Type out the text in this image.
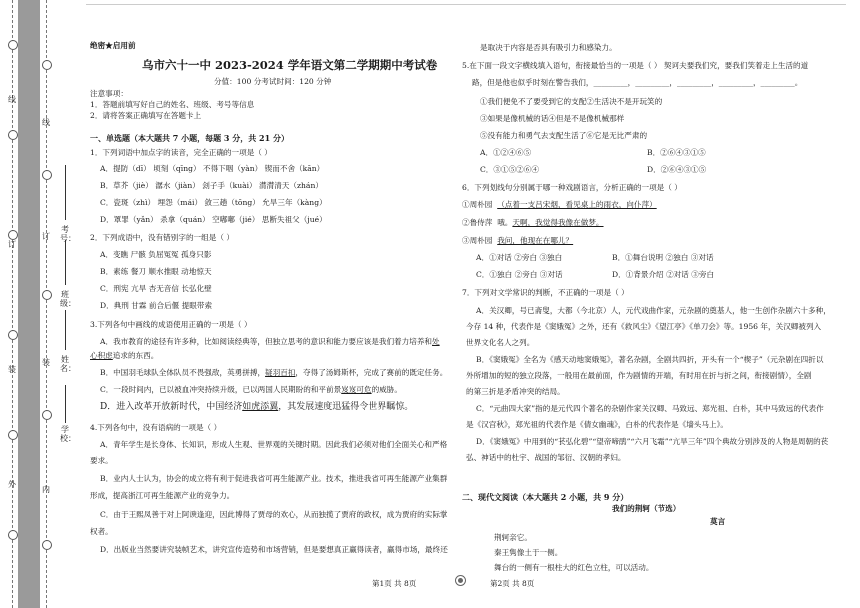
线
订
装
外
线
订
装
内
考号：
班级：
姓名：
学校：
绝密★启用前
乌市六十一中 2023-2024 学年语文第二学期期中考试卷
分值：100 分考试时间：120 分钟
注意事项：
1．答题前填写好自己的姓名、班级、考号等信息
2．请将答案正确填写在答题卡上
一、单选题（本大题共 7 小题，每题 3 分，共 21 分）
1．下列词语中加点字的读音，完全正确的一项是（ ）
A．提防（dī） 顷刻（qīng） 不得下咽（yàn） 锲而不舍（kān）
B．草芥（jiè） 潺水（jiàn） 刽子手（kuài） 潸潸清天（zhán）
C．瓷斑（zhì） 埋怨（mái） 敛三趟（tōng） 允旱三年（kàng）
D．罩罪（yǎn） 杀拿（quán） 空嘟嘟（jié） 思断失祖父（jué）
2．下列成语中，没有错别字的一组是（ ）
A．变瞧 尸骸 负屈冤冤 孤身只影
B．素练 餐刀 顺水推眼 动地惊天
C．刑宪 亢旱 杏无音信 长弘化壁
D．典刑 甘霖 前合后偃 提眼带索
3.下列各句中画线的成语使用正确的一项是（ ）
A．我市教育的途径有许多种，比如阅读经典等，但独立思考的意识和能力要应该是我们着力培养和处
心积虑追求的东西。
B．中国羽毛球队全体队员不畏强敌，英勇拼搏，疑羽百扣，夺得了汤姆斯杯，完成了赛前的既定任务。
C．一段时间内，已以被血冲突持续升级，已以两国人民期盼的和平前景岌岌可危的威胁。
D．进入改革开放新时代，中国经济如虎添翼，其发展速度迅猛得令世界瞩惊。
4.下列各句中，没有语病的一项是（ ）
A．青年学生是长身体、长知识，形成人生观、世界观的关键时期。因此我们必须对他们全面关心和严格
要求。
B．业内人士认为，协会的成立将有利于促进我省可再生能源产业。技术，推进我省可再生能源产业集群
形成，提高浙江可再生能源产业的竞争力。
C．由于王熙凤善于对上阿谀逢迎，因此博得了贾母的欢心，从而独揽了贾府的政权，成为贾府的实际掌
权者。
D．出版业当然要讲究装帧艺术，讲究宣传造势和市场营销，但是要想真正赢得读者，赢得市场，最终还
第1页 共 8页
是取决于内容是否具有吸引力和感染力。
5.在下面一段文字横线填入语句，衔接最恰当的一项是（ ） 契诃夫要我们究，要我们笑着走上生活的道
路，但是他也似乎时刻在警告我们，_________，_________，_________，_________，_________。
①我们便免不了要受到它的支配②生活决不是开玩笑的
③如果是像机械的话④但是不是像机械那样
⑤没有能力和勇气去支配生活了⑥它是无比严肃的
A．①②④⑥⑤	B．②⑥④③①⑤
C．③①⑤②⑥④	D．②⑥④③①⑤
6．下列划线句分别属于哪一种戏剧语言，分析正确的一项是（ ）
①周朴园 （点着一支吕宋烟，看见桌上的雨衣，向仆萍）
②鲁侍萍 哦。天啊，我觉得我像在做梦。
③周朴园 我问，他现在在哪儿？
A．①对话 ②旁白 ③独白	B．①舞台说明 ②独白 ③对话
C．①独白 ②旁白 ③对话	D．①背景介绍 ②对话 ③旁白
7．下列对文学常识的判断，不正确的一项是（ ）
A．关汉卿，号已斋叟，大都（今北京）人，元代戏曲作家，元杂剧的奠基人，他一生创作杂剧六十多种，
今存 14 种，代表作是《窦娥冤》之外，还有《救风尘》《望江亭》《单刀会》等。1956 年，关汉卿被列入
世界文化名人之列。
B．《窦娥冤》全名为《感天动地窦娥冤》，著名杂剧，全剧共四折，开头有一个“楔子”（元杂剧在四折以
外所增加的短的独立段落，一般用在最前面，作为剧情的开端，有时用在折与折之间，衔接剧情），全剧
的第三折是矛盾冲突的结局。
C．“元曲四大家”指的是元代四个著名的杂剧作家关汉卿、马致远、郑光祖、白朴，其中马致远的代表作
是《汉宫秋》，郑光祖的代表作是《倩女幽魂》，白朴的代表作是《墙头马上》。
D．《窦娥冤》中用到的“苌弘化碧”“望帝啼鹃”“六月飞霜”“亢旱三年”四个典故分别涉及的人物是周朝的苌
弘、神话中的杜宇、战国的邹衍、汉朝的孝妇。
二、现代文阅读（本大题共 2 小题，共 9 分）
我们的荆轲（节选）
莫言
荆轲亲它。
秦王隽像土于一侧。
舞台的一侧有一根柱大的红色立柱，可以活动。
第2页 共 8页
